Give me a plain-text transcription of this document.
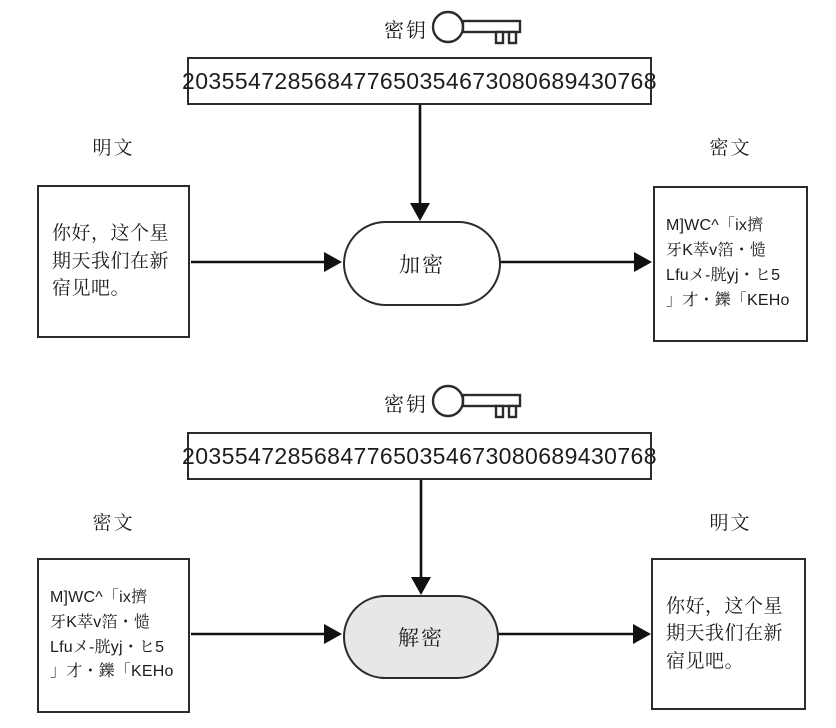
密钥
203554728568477650354673080689430768
明文	密文
你好，这个星
期天我们在新
宿见吧。
加密
M]WC^「ix擠
牙K萃v箔・慥
Lfuメ-胱yj・ヒ5
」才・鑠「KEHo
密钥
203554728568477650354673080689430768
密文	明文
M]WC^「ix擠
牙K萃v箔・慥
Lfuメ-胱yj・ヒ5
」才・鑠「KEHo
解密
你好，这个星
期天我们在新
宿见吧。
